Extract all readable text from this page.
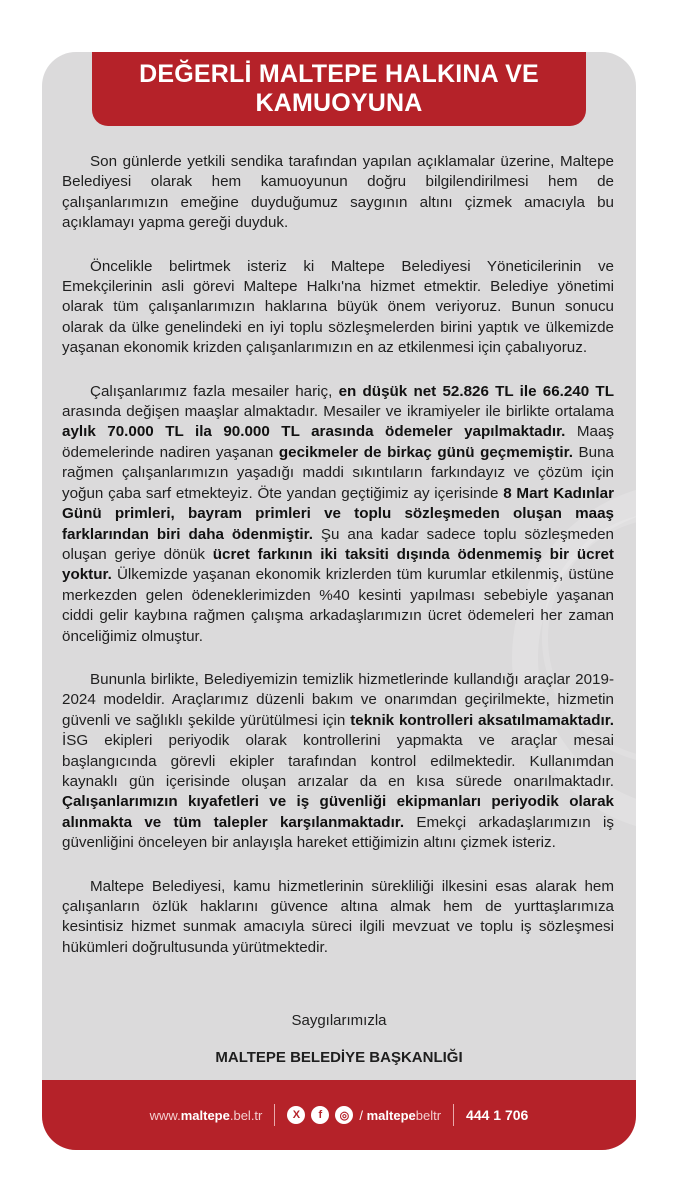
DEĞERLİ MALTEPE HALKINA VE
KAMUOYUNA

Son günlerde yetkili sendika tarafından yapılan açıklamalar üzerine, Maltepe Belediyesi olarak hem kamuoyunun doğru bilgilendirilmesi hem de çalışanlarımızın emeğine duyduğumuz saygının altını çizmek amacıyla bu açıklamayı yapma gereği duyduk.

Öncelikle belirtmek isteriz ki Maltepe Belediyesi Yöneticilerinin ve Emekçilerinin asli görevi Maltepe Halkı'na hizmet etmektir. Belediye yönetimi olarak tüm çalışanlarımızın haklarına büyük önem veriyoruz. Bunun sonucu olarak da ülke genelindeki en iyi toplu sözleşmelerden birini yaptık ve ülkemizde yaşanan ekonomik krizden çalışanlarımızın en az etkilenmesi için çabalıyoruz.

Çalışanlarımız fazla mesailer hariç, en düşük net 52.826 TL ile 66.240 TL arasında değişen maaşlar almaktadır. Mesailer ve ikramiyeler ile birlikte ortalama aylık 70.000 TL ila 90.000 TL arasında ödemeler yapılmaktadır. Maaş ödemelerinde nadiren yaşanan gecikmeler de birkaç günü geçmemiştir. Buna rağmen çalışanlarımızın yaşadığı maddi sıkıntıların farkındayız ve çözüm için yoğun çaba sarf etmekteyiz. Öte yandan geçtiğimiz ay içerisinde 8 Mart Kadınlar Günü primleri, bayram primleri ve toplu sözleşmeden oluşan maaş farklarından biri daha ödenmiştir. Şu ana kadar sadece toplu sözleşmeden oluşan geriye dönük ücret farkının iki taksiti dışında ödenmemiş bir ücret yoktur. Ülkemizde yaşanan ekonomik krizlerden tüm kurumlar etkilenmiş, üstüne merkezden gelen ödeneklerimizden %40 kesinti yapılması sebebiyle yaşanan ciddi gelir kaybına rağmen çalışma arkadaşlarımızın ücret ödemeleri her zaman önceliğimiz olmuştur.

Bununla birlikte, Belediyemizin temizlik hizmetlerinde kullandığı araçlar 2019-2024 modeldir. Araçlarımız düzenli bakım ve onarımdan geçirilmekte, hizmetin güvenli ve sağlıklı şekilde yürütülmesi için teknik kontrolleri aksatılmamaktadır. İSG ekipleri periyodik olarak kontrollerini yapmakta ve araçlar mesai başlangıcında görevli ekipler tarafından kontrol edilmektedir. Kullanımdan kaynaklı gün içerisinde oluşan arızalar da en kısa sürede onarılmaktadır. Çalışanlarımızın kıyafetleri ve iş güvenliği ekipmanları periyodik olarak alınmakta ve tüm talepler karşılanmaktadır. Emekçi arkadaşlarımızın iş güvenliğini önceleyen bir anlayışla hareket ettiğimizin altını çizmek isteriz.

Maltepe Belediyesi, kamu hizmetlerinin sürekliliği ilkesini esas alarak hem çalışanların özlük haklarını güvence altına almak hem de yurttaşlarımıza kesintisiz hizmet sunmak amacıyla süreci ilgili mevzuat ve toplu iş sözleşmesi hükümleri doğrultusunda yürütmektedir.

Saygılarımızla
MALTEPE BELEDİYE BAŞKANLIĞI
www.maltepe.bel.tr	X	f	◎ / maltepebeltr 444 1 706
